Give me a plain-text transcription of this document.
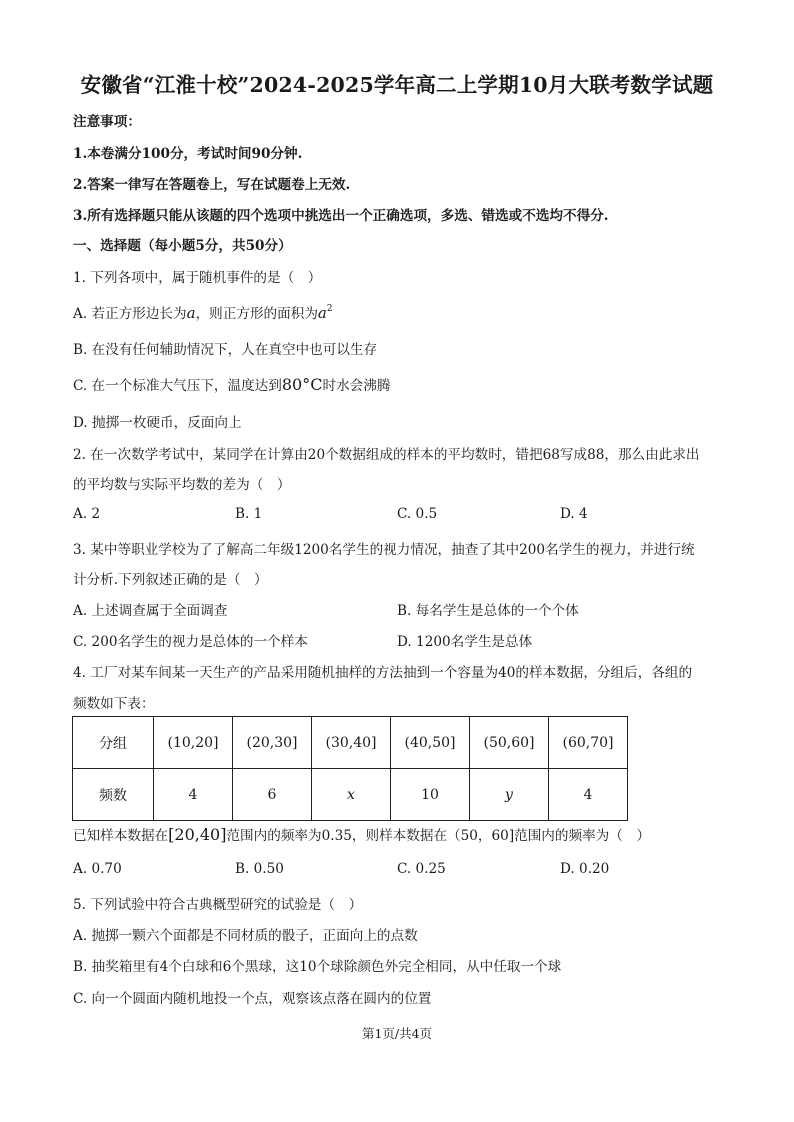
安徽省“江淮十校”2024-2025学年高二上学期10月大联考数学试题
注意事项：
1.本卷满分100分，考试时间90分钟.
2.答案一律写在答题卷上，写在试题卷上无效.
3.所有选择题只能从该题的四个选项中挑选出一个正确选项，多选、错选或不选均不得分.
一、选择题（每小题5分，共50分）
1. 下列各项中，属于随机事件的是（　）
A. 若正方形边长为a，则正方形的面积为$a^2$
B. 在没有任何辅助情况下，人在真空中也可以生存
C. 在一个标准大气压下，温度达到80°C时水会沸腾
D. 抛掷一枚硬币，反面向上
2. 在一次数学考试中，某同学在计算由20个数据组成的样本的平均数时，错把68写成88，那么由此求出
的平均数与实际平均数的差为（　）
A. 2	B. 1	C. 0.5	D. 4
3. 某中等职业学校为了了解高二年级1200名学生的视力情况，抽查了其中200名学生的视力，并进行统
计分析.下列叙述正确的是（　）
A. 上述调查属于全面调查	B. 每名学生是总体的一个个体
C. 200名学生的视力是总体的一个样本	D. 1200名学生是总体
4. 工厂对某车间某一天生产的产品采用随机抽样的方法抽到一个容量为40的样本数据，分组后，各组的
频数如下表：
分组	(10,20]	(20,30]	(30,40]	(40,50]	(50,60]	(60,70]
频数	4	6	x	10	y	4
已知样本数据在[20,40]范围内的频率为0.35，则样本数据在（50，60]范围内的频率为（　）
A. 0.70	B. 0.50	C. 0.25	D. 0.20
5. 下列试验中符合古典概型研究的试验是（　）
A. 抛掷一颗六个面都是不同材质的骰子，正面向上的点数
B. 抽奖箱里有4个白球和6个黑球，这10个球除颜色外完全相同，从中任取一个球
C. 向一个圆面内随机地投一个点，观察该点落在圆内的位置
第1页/共4页
